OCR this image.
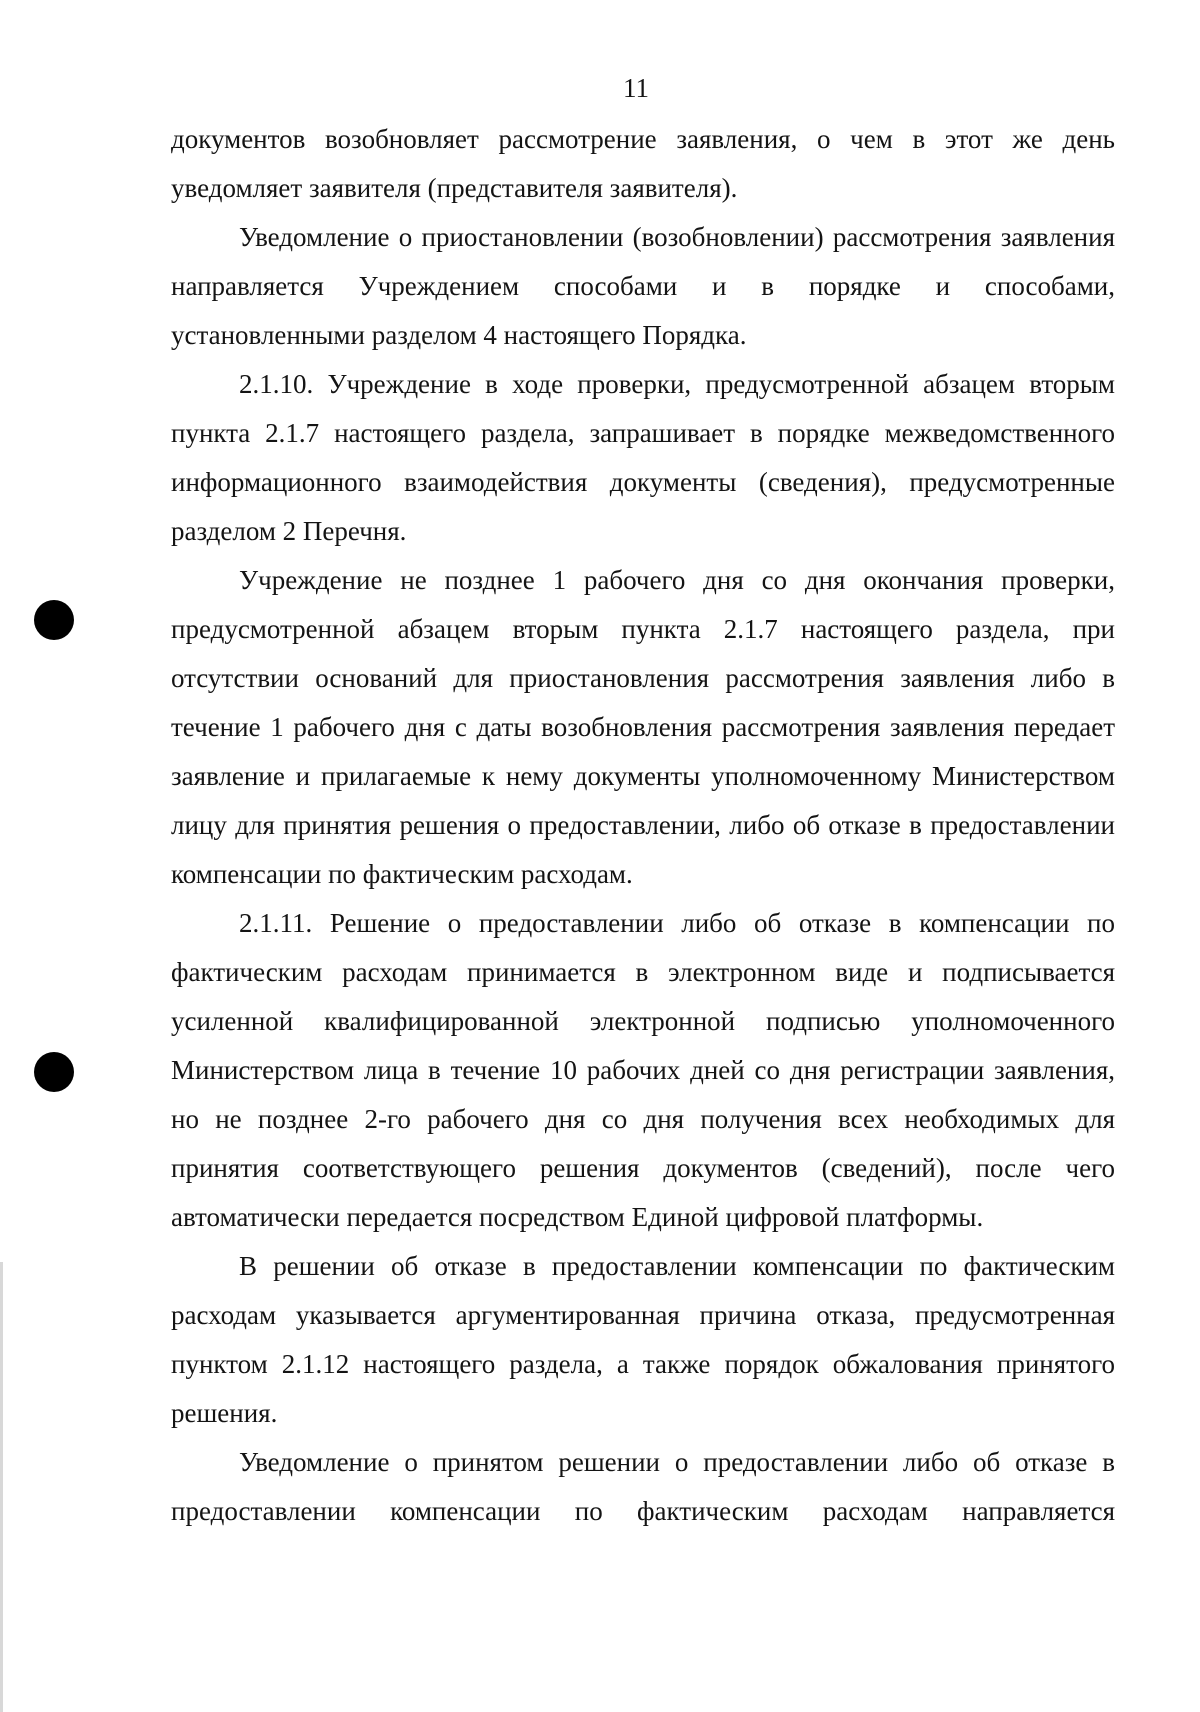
11

документов возобновляет рассмотрение заявления, о чем в этот же день уведомляет заявителя (представителя заявителя).

Уведомление о приостановлении (возобновлении) рассмотрения заявления направляется Учреждением способами и в порядке и способами, установленными разделом 4 настоящего Порядка.

2.1.10. Учреждение в ходе проверки, предусмотренной абзацем вторым пункта 2.1.7 настоящего раздела, запрашивает в порядке межведомственного информационного взаимодействия документы (сведения), предусмотренные разделом 2 Перечня.

Учреждение не позднее 1 рабочего дня со дня окончания проверки, предусмотренной абзацем вторым пункта 2.1.7 настоящего раздела, при отсутствии оснований для приостановления рассмотрения заявления либо в течение 1 рабочего дня с даты возобновления рассмотрения заявления передает заявление и прилагаемые к нему документы уполномоченному Министерством лицу для принятия решения о предоставлении, либо об отказе в предоставлении компенсации по фактическим расходам.

2.1.11. Решение о предоставлении либо об отказе в компенсации по фактическим расходам принимается в электронном виде и подписывается усиленной квалифицированной электронной подписью уполномоченного Министерством лица в течение 10 рабочих дней со дня регистрации заявления, но не позднее 2-го рабочего дня со дня получения всех необходимых для принятия соответствующего решения документов (сведений), после чего автоматически передается посредством Единой цифровой платформы.

В решении об отказе в предоставлении компенсации по фактическим расходам указывается аргументированная причина отказа, предусмотренная пунктом 2.1.12 настоящего раздела, а также порядок обжалования принятого решения.

Уведомление о принятом решении о предоставлении либо об отказе в предоставлении компенсации по фактическим расходам направляется
